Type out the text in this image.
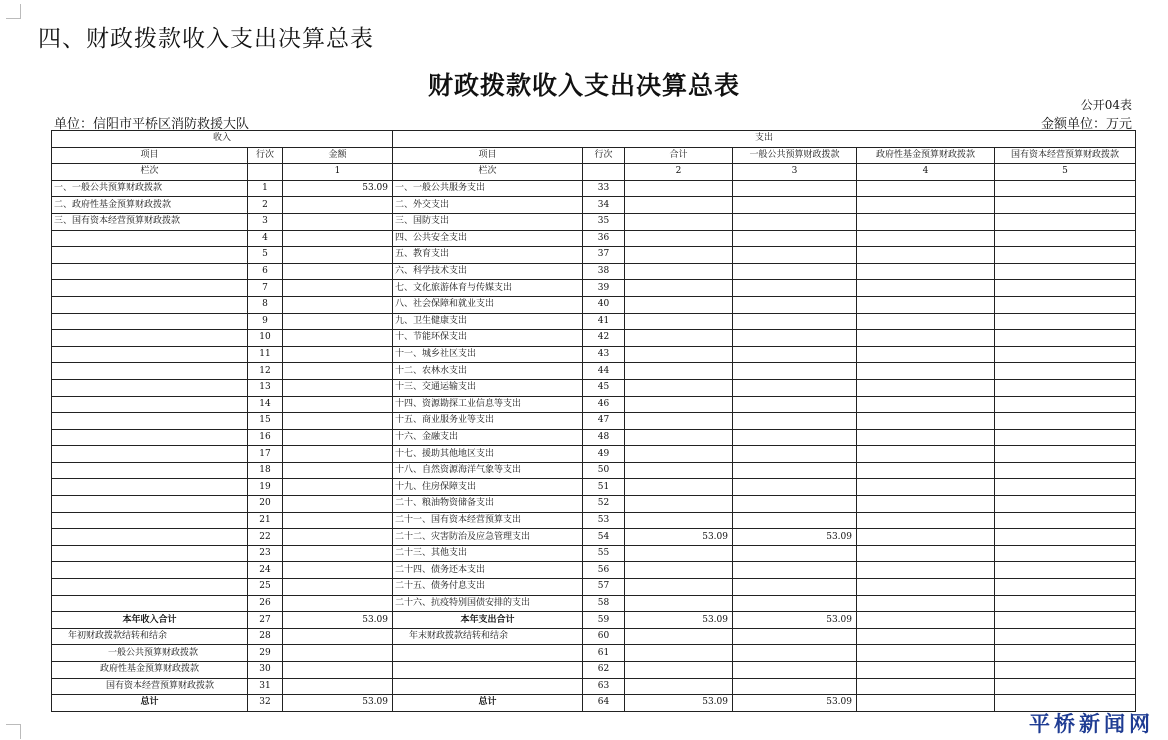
四、财政拨款收入支出决算总表
财政拨款收入支出决算总表
公开04表
单位：信阳市平桥区消防救援大队	金额单位：万元
收入			支出					
项目	行次	金额	项目	行次	合计	一般公共预算财政拨款	政府性基金预算财政拨款	国有资本经营预算财政拨款
栏次		1	栏次		2	3	4	5
一、一般公共预算财政拨款	1	53.09	一、一般公共服务支出	33				
二、政府性基金预算财政拨款	2		二、外交支出	34				
三、国有资本经营预算财政拨款	3		三、国防支出	35				
	4		四、公共安全支出	36				
	5		五、教育支出	37				
	6		六、科学技术支出	38				
	7		七、文化旅游体育与传媒支出	39				
	8		八、社会保障和就业支出	40				
	9		九、卫生健康支出	41				
	10		十、节能环保支出	42				
	11		十一、城乡社区支出	43				
	12		十二、农林水支出	44				
	13		十三、交通运输支出	45				
	14		十四、资源勘探工业信息等支出	46				
	15		十五、商业服务业等支出	47				
	16		十六、金融支出	48				
	17		十七、援助其他地区支出	49				
	18		十八、自然资源海洋气象等支出	50				
	19		十九、住房保障支出	51				
	20		二十、粮油物资储备支出	52				
	21		二十一、国有资本经营预算支出	53				
	22		二十二、灾害防治及应急管理支出	54	53.09	53.09		
	23		二十三、其他支出	55				
	24		二十四、债务还本支出	56				
	25		二十五、债务付息支出	57				
	26		二十六、抗疫特别国债安排的支出	58				
本年收入合计	27	53.09	本年支出合计	59	53.09	53.09		
年初财政拨款结转和结余	28		年末财政拨款结转和结余	60				
一般公共预算财政拨款	29			61				
政府性基金预算财政拨款	30			62				
国有资本经营预算财政拨款	31			63				
总计	32	53.09	总计	64	53.09	53.09		
平桥新闻网
